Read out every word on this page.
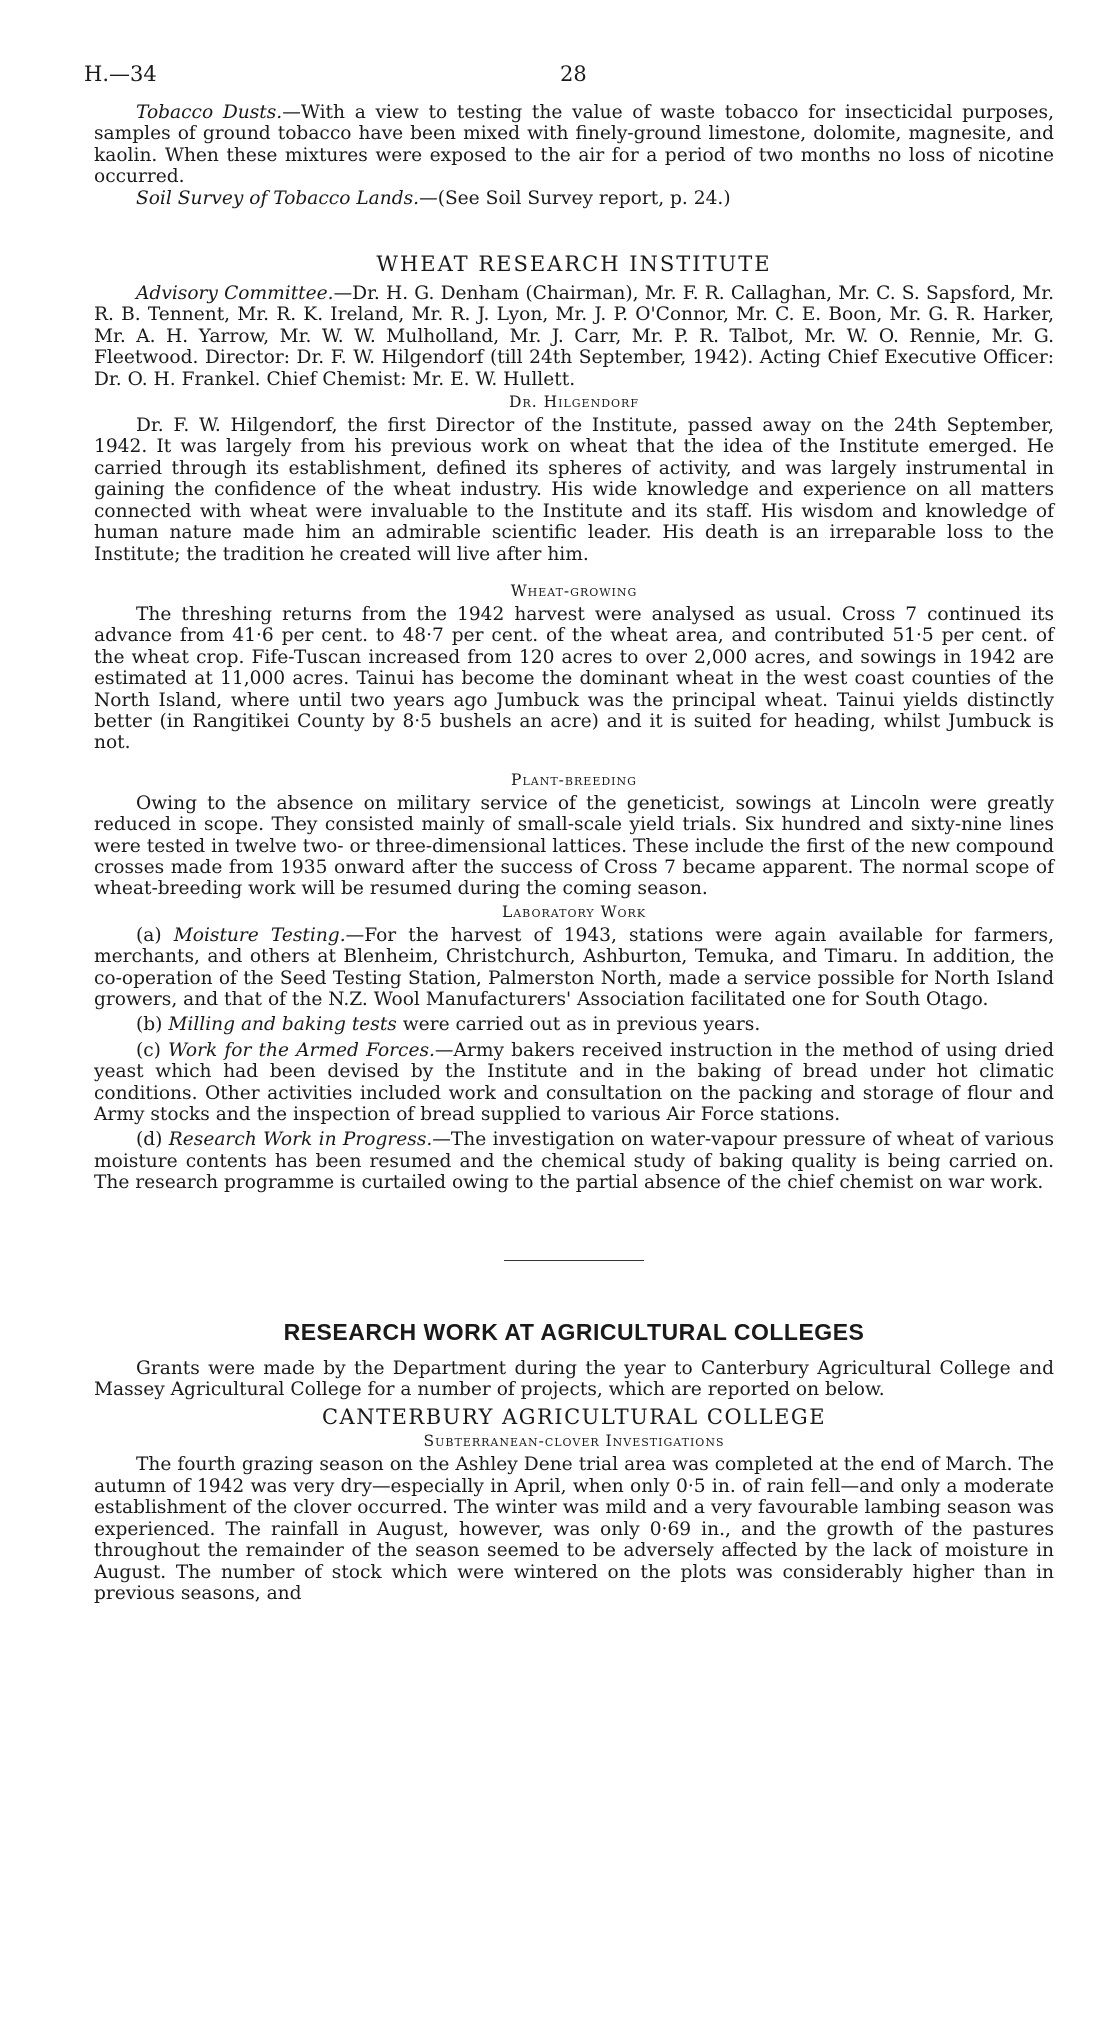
H.—34	28

Tobacco Dusts.—With a view to testing the value of waste tobacco for insecticidal purposes, samples of ground tobacco have been mixed with finely-ground limestone, dolomite, magnesite, and kaolin. When these mixtures were exposed to the air for a period of two months no loss of nicotine occurred.

Soil Survey of Tobacco Lands.—(See Soil Survey report, p. 24.)

WHEAT RESEARCH INSTITUTE

Advisory Committee.—Dr. H. G. Denham (Chairman), Mr. F. R. Callaghan, Mr. C. S. Sapsford, Mr. R. B. Tennent, Mr. R. K. Ireland, Mr. R. J. Lyon, Mr. J. P. O'Connor, Mr. C. E. Boon, Mr. G. R. Harker, Mr. A. H. Yarrow, Mr. W. W. Mulholland, Mr. J. Carr, Mr. P. R. Talbot, Mr. W. O. Rennie, Mr. G. Fleetwood. Director: Dr. F. W. Hilgendorf (till 24th September, 1942). Acting Chief Executive Officer: Dr. O. H. Frankel. Chief Chemist: Mr. E. W. Hullett.

Dr. Hilgendorf

Dr. F. W. Hilgendorf, the first Director of the Institute, passed away on the 24th September, 1942. It was largely from his previous work on wheat that the idea of the Institute emerged. He carried through its establishment, defined its spheres of activity, and was largely instrumental in gaining the confidence of the wheat industry. His wide knowledge and experience on all matters connected with wheat were invaluable to the Institute and its staff. His wisdom and knowledge of human nature made him an admirable scientific leader. His death is an irreparable loss to the Institute; the tradition he created will live after him.

Wheat-growing

The threshing returns from the 1942 harvest were analysed as usual. Cross 7 continued its advance from 41·6 per cent. to 48·7 per cent. of the wheat area, and contributed 51·5 per cent. of the wheat crop. Fife-Tuscan increased from 120 acres to over 2,000 acres, and sowings in 1942 are estimated at 11,000 acres. Tainui has become the dominant wheat in the west coast counties of the North Island, where until two years ago Jumbuck was the principal wheat. Tainui yields distinctly better (in Rangitikei County by 8·5 bushels an acre) and it is suited for heading, whilst Jumbuck is not.

Plant-breeding

Owing to the absence on military service of the geneticist, sowings at Lincoln were greatly reduced in scope. They consisted mainly of small-scale yield trials. Six hundred and sixty-nine lines were tested in twelve two- or three-dimensional lattices. These include the first of the new compound crosses made from 1935 onward after the success of Cross 7 became apparent. The normal scope of wheat-breeding work will be resumed during the coming season.

Laboratory Work

(a) Moisture Testing.—For the harvest of 1943, stations were again available for farmers, merchants, and others at Blenheim, Christchurch, Ashburton, Temuka, and Timaru. In addition, the co-operation of the Seed Testing Station, Palmerston North, made a service possible for North Island growers, and that of the N.Z. Wool Manufacturers' Association facilitated one for South Otago.

(b) Milling and baking tests were carried out as in previous years.

(c) Work for the Armed Forces.—Army bakers received instruction in the method of using dried yeast which had been devised by the Institute and in the baking of bread under hot climatic conditions. Other activities included work and consultation on the packing and storage of flour and Army stocks and the inspection of bread supplied to various Air Force stations.

(d) Research Work in Progress.—The investigation on water-vapour pressure of wheat of various moisture contents has been resumed and the chemical study of baking quality is being carried on. The research programme is curtailed owing to the partial absence of the chief chemist on war work.

RESEARCH WORK AT AGRICULTURAL COLLEGES

Grants were made by the Department during the year to Canterbury Agricultural College and Massey Agricultural College for a number of projects, which are reported on below.

CANTERBURY AGRICULTURAL COLLEGE
Subterranean-clover Investigations

The fourth grazing season on the Ashley Dene trial area was completed at the end of March. The autumn of 1942 was very dry—especially in April, when only 0·5 in. of rain fell—and only a moderate establishment of the clover occurred. The winter was mild and a very favourable lambing season was experienced. The rainfall in August, however, was only 0·69 in., and the growth of the pastures throughout the remainder of the season seemed to be adversely affected by the lack of moisture in August. The number of stock which were wintered on the plots was considerably higher than in previous seasons, and
